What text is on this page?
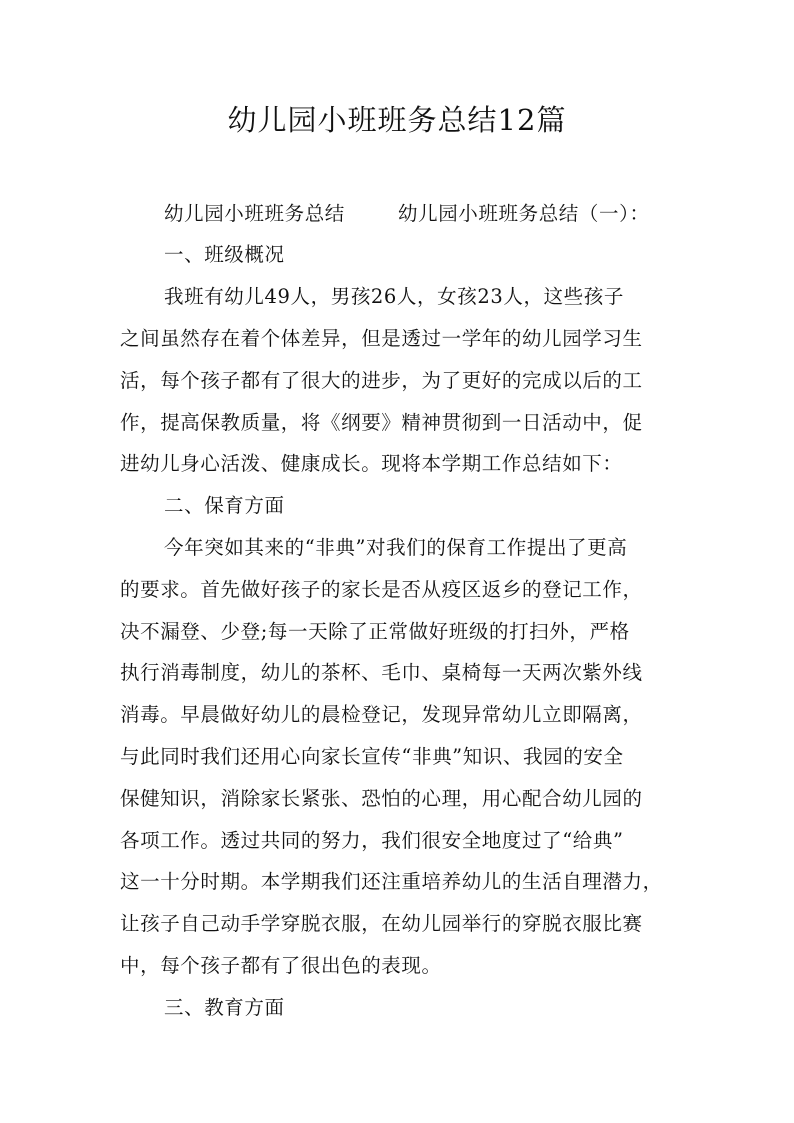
幼儿园小班班务总结12篇

幼儿园小班班务总结	幼儿园小班班务总结（一）：

一、班级概况

我班有幼儿49人，男孩26人，女孩23人，这些孩子

之间虽然存在着个体差异，但是透过一学年的幼儿园学习生

活，每个孩子都有了很大的进步，为了更好的完成以后的工

作，提高保教质量，将《纲要》精神贯彻到一日活动中，促

进幼儿身心活泼、健康成长。现将本学期工作总结如下：

二、保育方面

今年突如其来的“非典”对我们的保育工作提出了更高

的要求。首先做好孩子的家长是否从疫区返乡的登记工作，

决不漏登、少登;每一天除了正常做好班级的打扫外，严格

执行消毒制度，幼儿的茶杯、毛巾、桌椅每一天两次紫外线

消毒。早晨做好幼儿的晨检登记，发现异常幼儿立即隔离，

与此同时我们还用心向家长宣传“非典”知识、我园的安全

保健知识，消除家长紧张、恐怕的心理，用心配合幼儿园的

各项工作。透过共同的努力，我们很安全地度过了“给典”

这一十分时期。本学期我们还注重培养幼儿的生活自理潜力，

让孩子自己动手学穿脱衣服，在幼儿园举行的穿脱衣服比赛

中，每个孩子都有了很出色的表现。

三、教育方面
